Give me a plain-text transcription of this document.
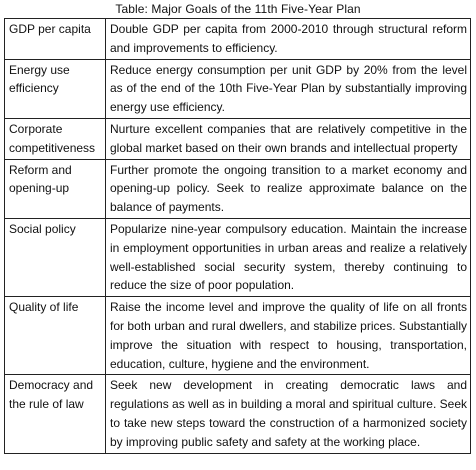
Table: Major Goals of the 11th Five-Year Plan
GDP per capita	Double GDP per capita from 2000-2010 through structural reform and improvements to efficiency.
Energy use efficiency	Reduce energy consumption per unit GDP by 20% from the level as of the end of the 10th Five-Year Plan by substantially improving energy use efficiency.
Corporate competitiveness	Nurture excellent companies that are relatively competitive in the global market based on their own brands and intellectual property
Reform and opening-up	Further promote the ongoing transition to a market economy and opening-up policy. Seek to realize approximate balance on the balance of payments.
Social policy	Popularize nine-year compulsory education. Maintain the increase in employment opportunities in urban areas and realize a relatively well-established social security system, thereby continuing to reduce the size of poor population.
Quality of life	Raise the income level and improve the quality of life on all fronts for both urban and rural dwellers, and stabilize prices. Substantially improve the situation with respect to housing, transportation, education, culture, hygiene and the environment.
Democracy and the rule of law	Seek new development in creating democratic laws and regulations as well as in building a moral and spiritual culture. Seek to take new steps toward the construction of a harmonized society by improving public safety and safety at the working place.
